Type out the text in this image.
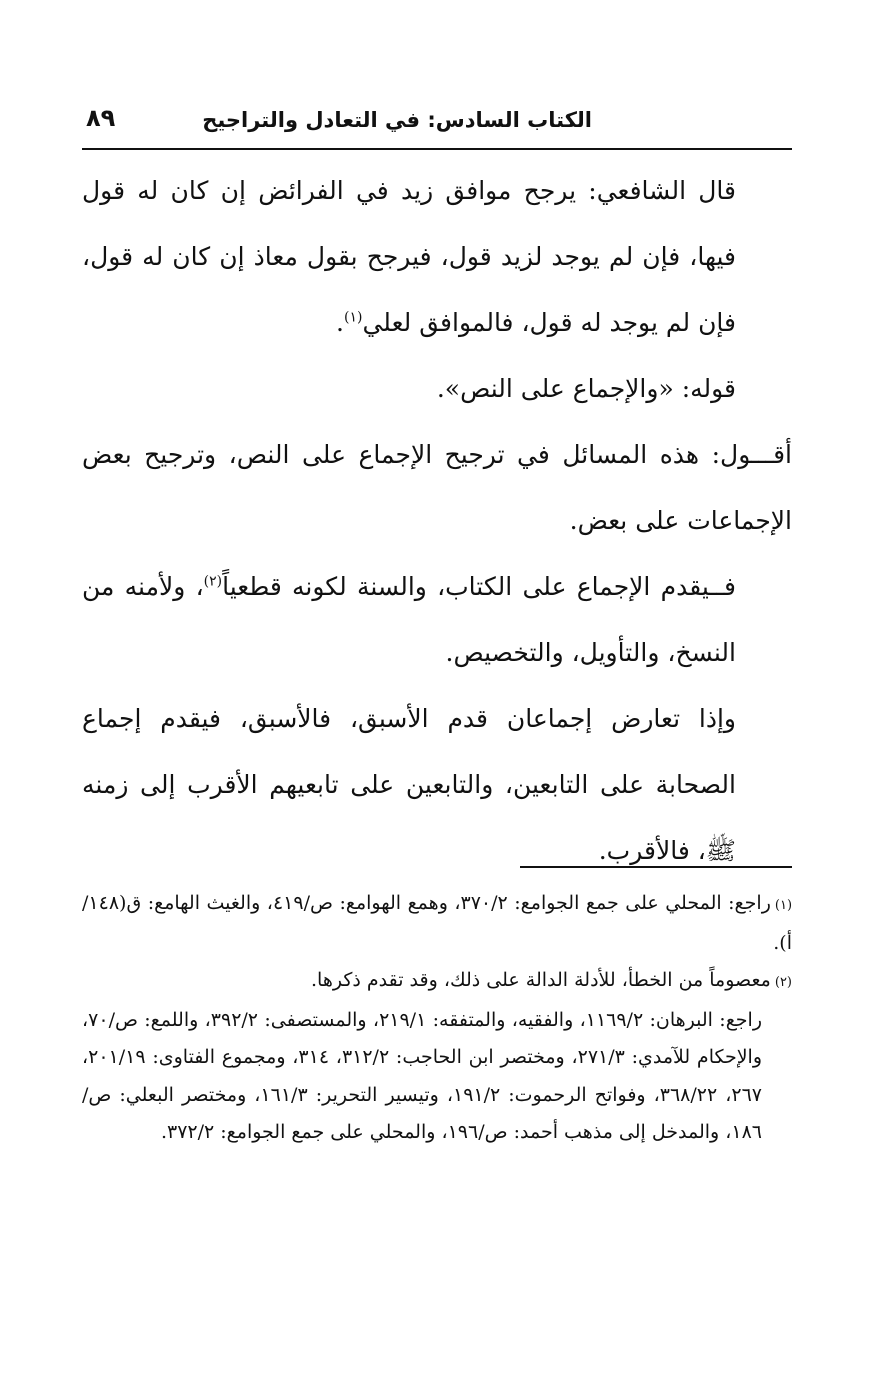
الكتاب السادس: في التعادل والتراجيح
٨٩

قال الشافعي: يرجح موافق زيد في الفرائض إن كان له قول فيها، فإن لم يوجد لزيد قول، فيرجح بقول معاذ إن كان له قول، فإن لم يوجد له قول، فالموافق لعلي$^{(١)}$.

قوله: «والإجماع على النص».

أقـــول: هذه المسائل في ترجيح الإجماع على النص، وترجيح بعض الإجماعات على بعض.

فــيقدم الإجماع على الكتاب، والسنة لكونه قطعياً$^{(٢)}$، ولأمنه من النسخ، والتأويل، والتخصيص.

وإذا تعارض إجماعان قدم الأسبق، فالأسبق، فيقدم إجماع الصحابة على التابعين، والتابعين على تابعيهم الأقرب إلى زمنه ﷺ، فالأقرب.

(١)راجع: المحلي على جمع الجوامع: ٣٧٠/٢، وهمع الهوامع: ص/٤١٩، والغيث الهامع: ق(١٤٨/أ).

(٢)معصوماً من الخطأ، للأدلة الدالة على ذلك، وقد تقدم ذكرها.

راجع: البرهان: ١١٦٩/٢، والفقيه، والمتفقه: ٢١٩/١، والمستصفى: ٣٩٢/٢، واللمع: ص/٧٠، والإحكام للآمدي: ٢٧١/٣، ومختصر ابن الحاجب: ٣١٢/٢، ٣١٤، ومجموع الفتاوى: ٢٠١/١٩، ٢٦٧، ٣٦٨/٢٢، وفواتح الرحموت: ١٩١/٢، وتيسير التحرير: ١٦١/٣، ومختصر البعلي: ص/١٨٦، والمدخل إلى مذهب أحمد: ص/١٩٦، والمحلي على جمع الجوامع: ٣٧٢/٢.
